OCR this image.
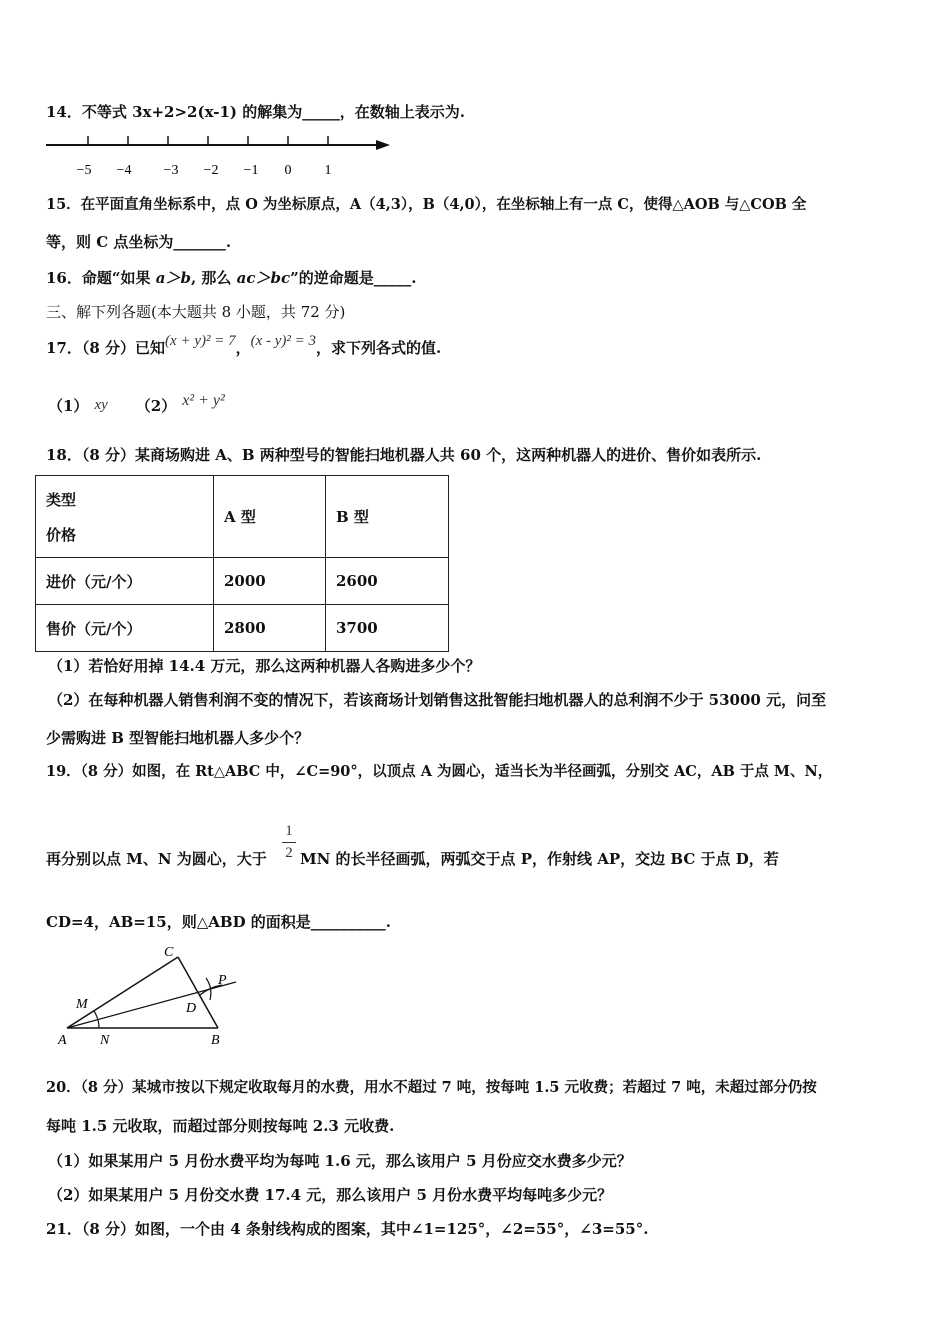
14．不等式 3x+2>2(x-1) 的解集为_____，在数轴上表示为.
−5 −4 −3 −2 −1 0 1
15．在平面直角坐标系中，点 O 为坐标原点，A（4,3），B（4,0），在坐标轴上有一点 C，使得△AOB 与△COB 全
等，则 C 点坐标为_______.
16．命题“如果 a＞b, 那么 ac＞bc”的逆命题是_____.
三、解下列各题(本大题共 8 小题，共 72 分)
17．（8 分）已知(x + y)² = 7，(x - y)² = 3，求下列各式的值.
（1） xy （2） x² + y²
18．（8 分）某商场购进 A、B 两种型号的智能扫地机器人共 60 个，这两种机器人的进价、售价如表所示.
类型
价格	A 型	B 型
进价（元/个）	2000	2600
售价（元/个）	2800	3700
（1）若恰好用掉 14.4 万元，那么这两种机器人各购进多少个？
（2）在每种机器人销售利润不变的情况下，若该商场计划销售这批智能扫地机器人的总利润不少于 53000 元，问至
少需购进 B 型智能扫地机器人多少个？
19．（8 分）如图，在 Rt△ABC 中，∠C=90°，以顶点 A 为圆心，适当长为半径画弧，分别交 AC，AB 于点 M、N，
再分别以点 M、N 为圆心，大于
1
2 MN 的长半径画弧，两弧交于点 P，作射线 AP，交边 BC 于点 D，若
CD=4，AB=15，则△ABD 的面积是__________.
C
M	D
P
A N	B
20．（8 分）某城市按以下规定收取每月的水费，用水不超过 7 吨，按每吨 1.5 元收费；若超过 7 吨，未超过部分仍按
每吨 1.5 元收取，而超过部分则按每吨 2.3 元收费.
（1）如果某用户 5 月份水费平均为每吨 1.6 元，那么该用户 5 月份应交水费多少元？
（2）如果某用户 5 月份交水费 17.4 元，那么该用户 5 月份水费平均每吨多少元？
21．（8 分）如图，一个由 4 条射线构成的图案，其中∠1=125°，∠2=55°，∠3=55°.
